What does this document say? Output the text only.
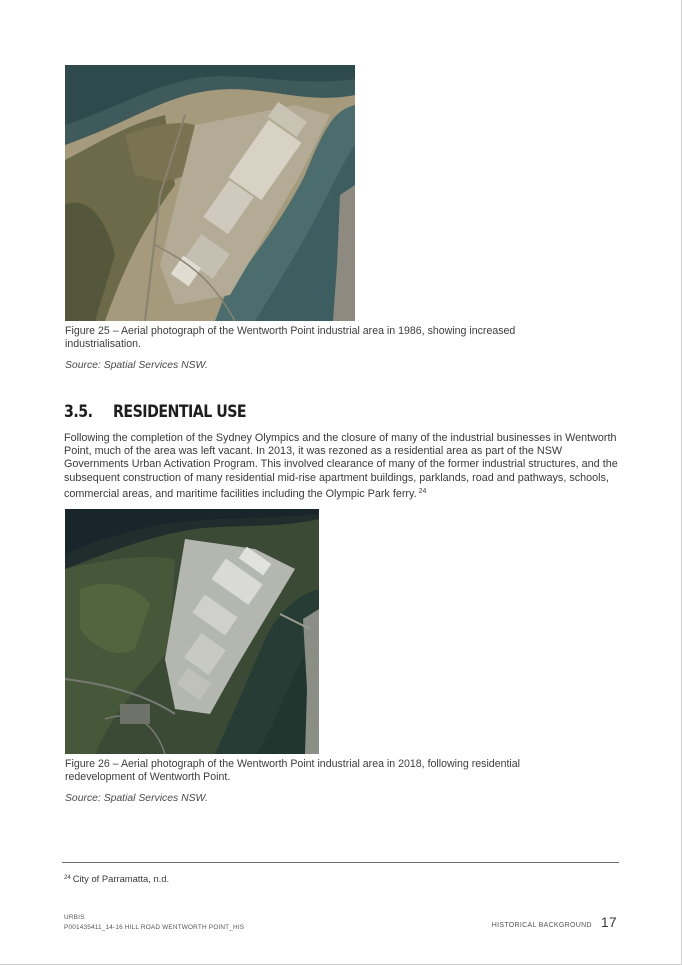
Figure 25 – Aerial photograph of the Wentworth Point industrial area in 1986, showing increased industrialisation.
Source: Spatial Services NSW.
3.5. RESIDENTIAL USE
Following the completion of the Sydney Olympics and the closure of many of the industrial businesses in Wentworth Point, much of the area was left vacant. In 2013, it was rezoned as a residential area as part of the NSW Governments Urban Activation Program. This involved clearance of many of the former industrial structures, and the subsequent construction of many residential mid-rise apartment buildings, parklands, road and pathways, schools, commercial areas, and maritime facilities including the Olympic Park ferry. $^{24}$
Figure 26 – Aerial photograph of the Wentworth Point industrial area in 2018, following residential redevelopment of Wentworth Point.
Source: Spatial Services NSW.
$^{24}$ City of Parramatta, n.d.
URBIS
P001435411_14-16 HILL ROAD WENTWORTH POINT_HIS	HISTORICAL BACKGROUND 17
